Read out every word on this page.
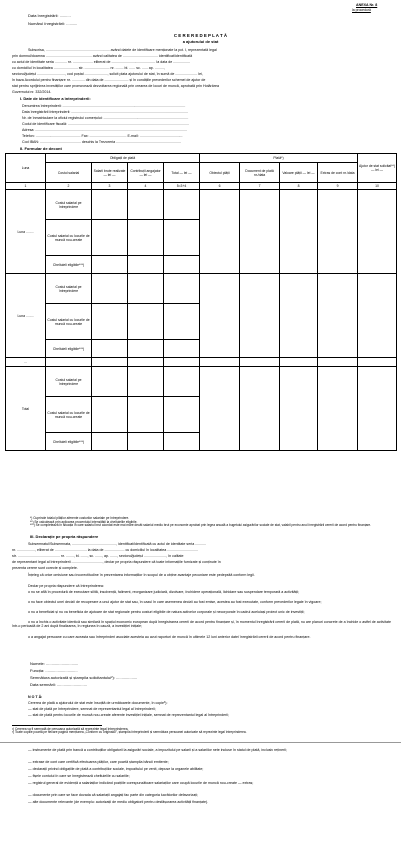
ANEXA Nr. 8
la procedură
Data înregistrării: ..........
Numărul înregistrării: ..........
C E R E R E D E P L A T Ă
a ajutorului de stat
Subscrisa, ................................................................ având datele de identificare menționate la pct. I, reprezentată legal
prin domnul/doamna .............................................. având calitatea de ................................... identificat/identificată
cu actul de identitate seria ............ nr. .................... eliberat de ............................................ la data de .................
cu domiciliul în localitatea ........................ str. ......................... nr. ........ bl. ...... sc. ...... ap. .........,
sectorul/județul ............................, cod poștal ......................., solicit plata ajutorului de stat, în sumă de ...................... lei,
în baza Acordului pentru finanțare nr. ............. din data de ........................ și în condițiile prevederilor schemei de ajutor de
stat pentru sprijinirea investițiilor care promovează dezvoltarea regională prin crearea de locuri de muncă, aprobată prin Hotărârea
Guvernului nr. 332/2014.
I. Date de identificare a întreprinderii:
Denumirea întreprinderii: ...........................................................................................................................
Data înregistrării întreprinderii: .....................................................................................................................
Nr. de înmatriculare la oficiul registrului comerțului: .....................................................................................
Codul de identificare fiscală: .........................................................................................................................
Adresa: ........................................................................................................................................................
Telefon: ............................................. Fax: ..................................... E-mail: ...........................................
Cod IBAN: ......................................... deschis la Trezoreria .................................................................
II. Formular de decont
Luna	Obligații de plată				Plată*)				Ajutor de stat solicitat**) — lei —
	Costul salarial	Salarii brute realizate — lei —	Contribuții angajator — lei —	Total — lei —	Obiectul plății	Document de plată nr./data	Valoare plății — lei —	Extras de cont nr./data	
1	2	3	4	5=3+4	6	7	8	9	10
Luna ........	Costul salarial pe întreprindere								
	Costul salarial cu locurile de muncă nou-create								
	Cheltuieli eligibile***)								
Luna ........	Costul salarial pe întreprindere								
	Costul salarial cu locurile de muncă nou-create								
	Cheltuieli eligibile***)								
...									
Total	Costul salarial pe întreprindere								
	Costul salarial cu locurile de muncă nou-create								
	Cheltuieli eligibile***)								
*) Cuprinde totalul plăților aferente costurilor salariale pe întreprindere.
**) Se calculează prin aplicarea procentului intensității la cheltuielile eligibile.
***) Se completează în situația în care salariul brut acordat este mai mare decât salariul mediu brut pe economie aprobat prin legea anuală a bugetului asigurărilor sociale de stat, valabil pentru anul înregistrării cererii de acord pentru finanțare.
III. Declarație pe propria răspundere
Subsemnatul/Subsemnata, ............................................, identificat/identificată cu actul de identitate seria ...........
nr. .................., eliberat de ................................ la data de .................... cu domiciliul în localitatea ...............................
str. .......................................... nr. ........, bl. ......., sc. ......., ap. ......., sectorul/județul ......................, în calitate
de reprezentant legal al întreprinderii ..............................., declar pe propria răspundere că toate informațiile furnizate și conținute în
prezenta cerere sunt corecte și complete.
Înțeleg că orice omisiune sau incorectitudine în prezentarea informațiilor în scopul de a obține avantaje pecuniare este pedepsită conform legii.
Declar pe propria răspundere că întreprinderea:
o nu se află în procedură de executare silită, insolvență, faliment, reorganizare judiciară, dizolvare, închidere operațională, lichidare sau suspendare temporară a activității;
o nu face obiectul unei decizii de recuperare a unui ajutor de stat sau, în cazul în care asemenea decizii au fost emise, acestea au fost executate, conform prevederilor legale în vigoare;
o nu a beneficiat și nu va beneficia de ajutoare de stat regionale pentru costuri eligibile de natura activelor corporale și necorporale în cadrul aceluiași proiect unic de investiții;
o nu a închis o activitate identică sau similară în spațiul economic european după înregistrarea cererii de acord pentru finanțare și, în momentul înregistrării cererii de plată, nu are planuri concrete de a închide o astfel de activitate într-o perioadă de 2 ani după finalizarea, în regiunea în cauză, a investiției inițiale;
o a angajat persoane cu care aceasta sau întreprinderi asociate acesteia au avut raporturi de muncă în ultimele 12 luni anterior datei înregistrării cererii de acord pentru finanțare.
Numele: .............................
Funcția: .............................
Semnătura autorizată și ștampila solicitantului²): ...................
Data semnării: ...........................
N O T Ă:
Cererea de plată a ajutorului de stat este însoțită de următoarele documente, în copie³):
— stat de plată pe întreprindere, semnat de reprezentantul legal al întreprinderii;
— stat de plată pentru locurile de muncă nou-create aferente investiției inițiale, semnat de reprezentantul legal al întreprinderii;
²) Cererea va fi semnată de persoana autorizată să reprezinte legal întreprinderea.
³) Toate copiile poartă pe fiecare pagină mențiunea „Conform cu originalul”, ștampila întreprinderii și semnătura persoanei autorizate să reprezinte legal întreprinderea.
— instrumente de plată prin bancă a contribuțiilor obligatorii la asigurări sociale, a impozitului pe salarii și a salariilor nete incluse în statul de plată, inclusiv reținerii;
— extrase de cont care certifică efectuarea plăților, care poartă ștampila băncii emitente;
— declarații privind obligațiile de plată a contribuțiilor sociale, impozitului pe venit, depuse la organele abilitate;
— fișele contului în care se înregistrează cheltuielile cu salariile;
— registrul general de evidență a salariaților indicând pozițiile corespunzătoare salariaților care ocupă locurile de muncă nou-create — extras;
— documente prin care se face dovada că salariații angajați fac parte din categoria lucrătorilor defavorizați;
— alte documente relevante (de exemplu: autorizații de mediu obligatorii pentru desfășurarea activității finanțate).
